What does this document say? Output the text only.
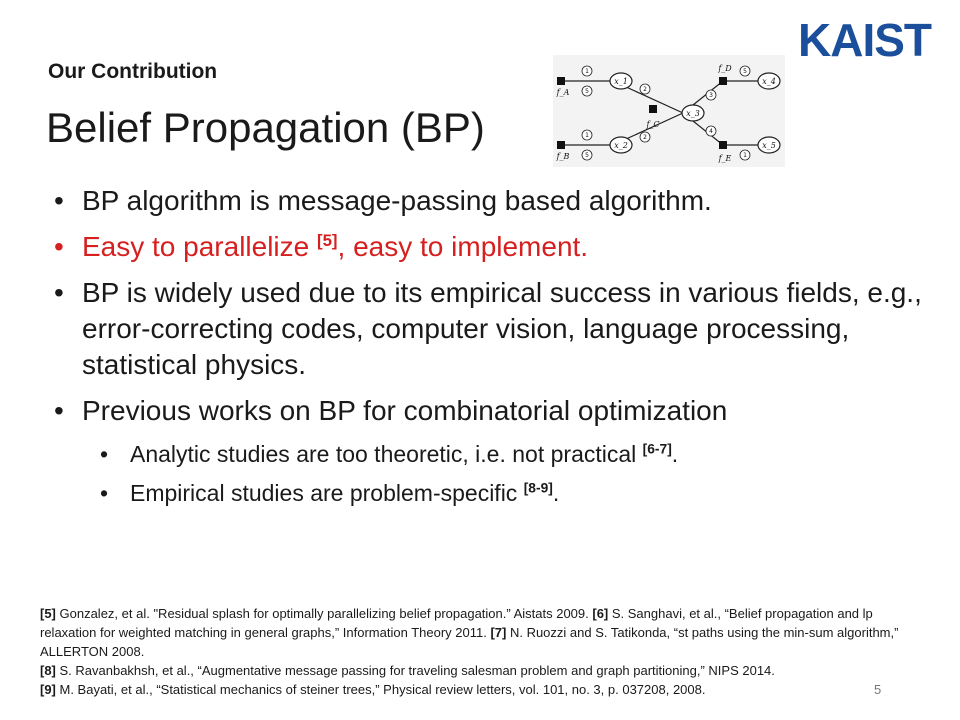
KAIST
Our Contribution
Belief Propagation (BP)
x_1
x_2
x_3
x_4
x_5
f_A
f_B
f_C
f_D
f_E
1
5
1
5
2
2
3
4
5
1
• BP algorithm is message-passing based algorithm.
• Easy to parallelize [5], easy to implement.
• BP is widely used due to its empirical success in various fields, e.g., error-correcting codes, computer vision, language processing, statistical physics.
• Previous works on BP for combinatorial optimization
• Analytic studies are too theoretic, i.e. not practical [6-7].
• Empirical studies are problem-specific [8-9].
[5] Gonzalez, et al. "Residual splash for optimally parallelizing belief propagation.” Aistats 2009. [6] S. Sanghavi, et al., “Belief propagation and lp relaxation for weighted matching in general graphs,” Information Theory 2011. [7] N. Ruozzi and S. Tatikonda, “st paths using the min-sum algorithm,” ALLERTON 2008.
[8] S. Ravanbakhsh, et al., “Augmentative message passing for traveling salesman problem and graph partitioning,” NIPS 2014.
[9] M. Bayati, et al., “Statistical mechanics of steiner trees,” Physical review letters, vol. 101, no. 3, p. 037208, 2008.	5
